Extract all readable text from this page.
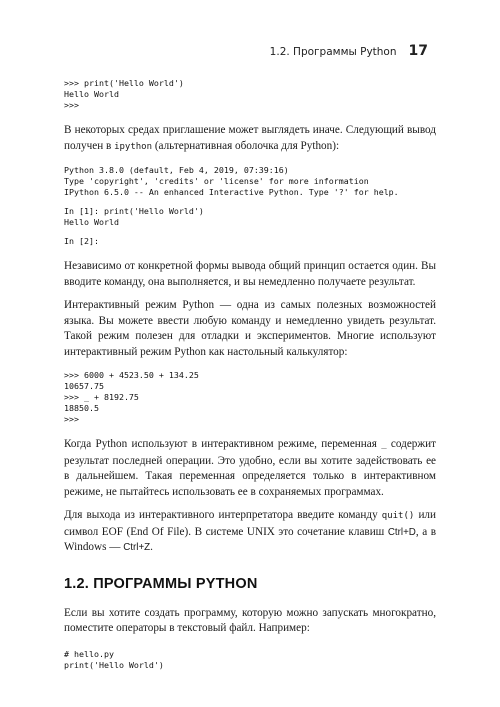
1.2. Программы Python 17
>>> print('Hello World')
Hello World
>>>

В некоторых средах приглашение может выглядеть иначе. Следующий вывод получен в ipython (альтернативная оболочка для Python):

Python 3.8.0 (default, Feb 4, 2019, 07:39:16)
Type 'copyright', 'credits' or 'license' for more information
IPython 6.5.0 -- An enhanced Interactive Python. Type '?' for help.
In [1]: print('Hello World')
Hello World
In [2]:

Независимо от конкретной формы вывода общий принцип остается один. Вы вводите команду, она выполняется, и вы немедленно получаете результат.

Интерактивный режим Python — одна из самых полезных возможностей языка. Вы можете ввести любую команду и немедленно увидеть результат. Такой режим полезен для отладки и экспериментов. Многие используют интерактивный режим Python как настольный калькулятор:

>>> 6000 + 4523.50 + 134.25
10657.75
>>> _ + 8192.75
18850.5
>>>

Когда Python используют в интерактивном режиме, переменная _ содержит результат последней операции. Это удобно, если вы хотите задействовать ее в дальнейшем. Такая переменная определяется только в интерактивном режиме, не пытайтесь использовать ее в сохраняемых программах.

Для выхода из интерактивного интерпретатора введите команду quit() или символ EOF (End Of File). В системе UNIX это сочетание клавиш Ctrl+D, а в Windows — Ctrl+Z.

1.2. ПРОГРАММЫ PYTHON

Если вы хотите создать программу, которую можно запускать многократно, поместите операторы в текстовый файл. Например:

# hello.py
print('Hello World')
